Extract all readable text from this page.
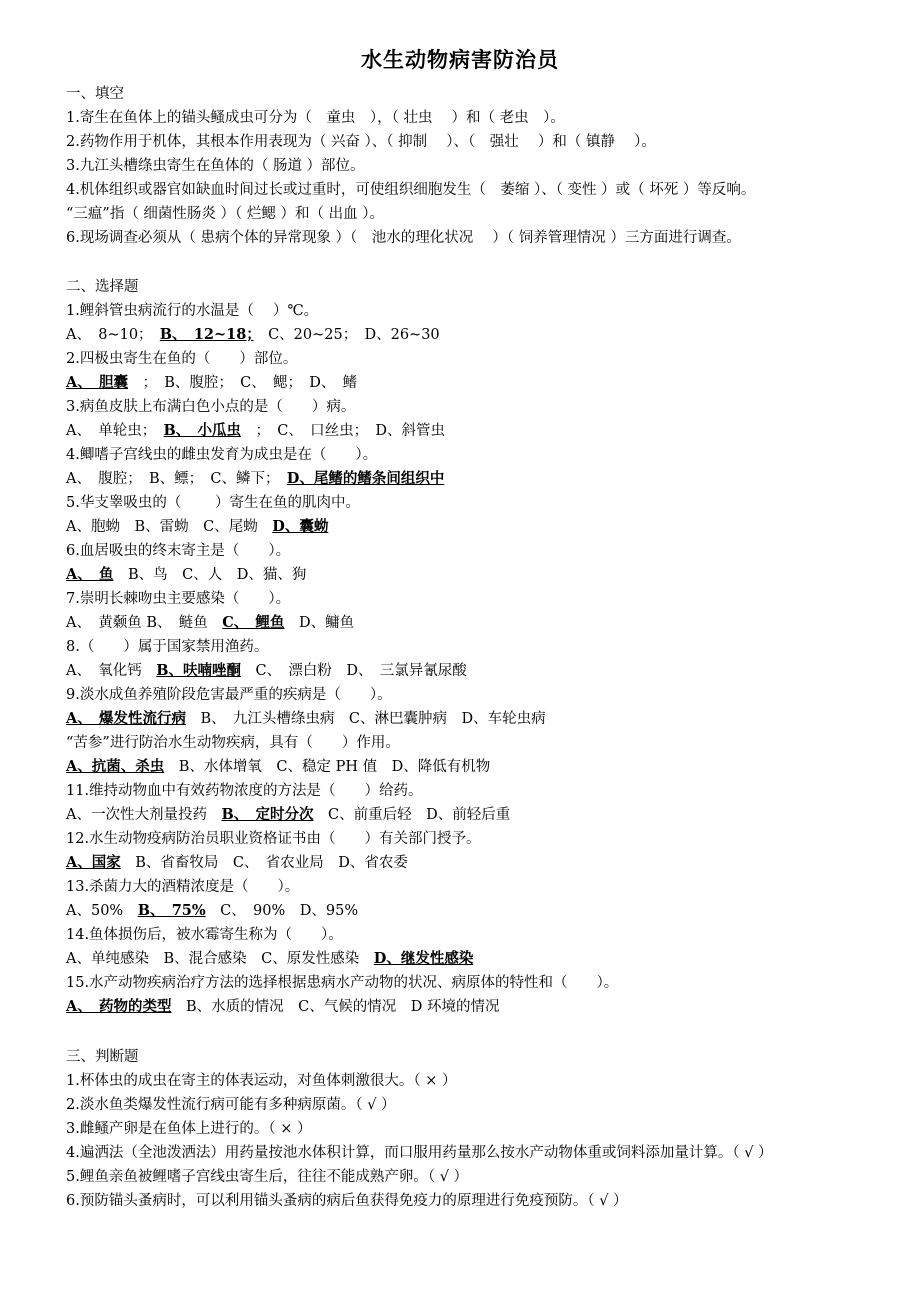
水生动物病害防治员
一、填空
1.寄生在鱼体上的锚头鳋成虫可分为（　童虫　），（ 壮虫　 ）和（ 老虫　）。
2.药物作用于机体，其根本作用表现为（ 兴奋 ）、（ 抑制　 ）、（　强壮　 ）和（ 镇静　 ）。
3.九江头槽绦虫寄生在鱼体的（ 肠道 ）部位。
4.机体组织或器官如缺血时间过长或过重时，可使组织细胞发生（　萎缩 ）、（ 变性 ）或（ 坏死 ）等反响。
“三瘟”指（ 细菌性肠炎 ）（ 烂鳃 ）和（ 出血 ）。
6.现场调查必须从（ 患病个体的异常现象 ）（　池水的理化状况　 ）（ 饲养管理情况 ）三方面进行调查。
二、选择题
1.鲤斜管虫病流行的水温是（　 ）℃。
A、　8~10；　 B、　12~18；　 C、20~25；　 D、26~30
2.四极虫寄生在鱼的（　　）部位。
A、　胆囊　 ；　B、腹腔；　 C、　鳃；　 D、　鳍
3.病鱼皮肤上布满白色小点的是（　　）病。
A、　单轮虫；　 B、　小瓜虫　 ；　C、　口丝虫；　 D、斜管虫
4.鲫嗜子宫线虫的雌虫发育为成虫是在（　　）。
A、　腹腔；　 B、鳔；　 C、鳞下；　 D、尾鳍的鳍条间组织中
5.华支睾吸虫的（　　 ）寄生在鱼的肌肉中。
A、胞蚴　 B、雷蚴　 C、尾蚴　 D、囊蚴
6.血居吸虫的终末寄主是（　　）。
A、　鱼　 B、鸟　 C、人　 D、猫、狗
7.崇明长棘吻虫主要感染（　　）。
A、　黄颡鱼 B、　 鲢鱼　 C、　鲤鱼　 D、鳙鱼
8.（　　）属于国家禁用渔药。
A、　氧化钙　 B、呋喃唑酮　 C、　漂白粉　 D、　三氯异氰尿酸
9.淡水成鱼养殖阶段危害最严重的疾病是（　　）。
A、　爆发性流行病　 B、　九江头槽绦虫病　 C、淋巴囊肿病　 D、车轮虫病
“苦参”进行防治水生动物疾病，具有（　　）作用。
A、抗菌、杀虫　 B、水体增氧　 C、稳定 PH 值　 D、降低有机物
11.维持动物血中有效药物浓度的方法是（　　）给药。
A、一次性大剂量投药　 B、　定时分次　 C、前重后轻　 D、前轻后重
12.水生动物疫病防治员职业资格证书由（　　）有关部门授予。
A、国家　 B、省畜牧局　 C、　省农业局　 D、省农委
13.杀菌力大的酒精浓度是（　　）。
A、50%　 B、　75%　 C、　90%　 D、95%
14.鱼体损伤后，被水霉寄生称为（　　）。
A、单纯感染　 B、混合感染　 C、原发性感染　 D、继发性感染
15.水产动物疾病治疗方法的选择根据患病水产动物的状况、病原体的特性和（　　）。
A、　药物的类型　 B、水质的情况　 C、气候的情况　 D 环境的情况
三、判断题
1.杯体虫的成虫在寄主的体表运动，对鱼体刺激很大。（ × ）
2.淡水鱼类爆发性流行病可能有多种病原菌。（ √ ）
3.雌鳋产卵是在鱼体上进行的。（ × ）
4.遍洒法（全池泼洒法）用药量按池水体积计算，而口服用药量那么按水产动物体重或饲料添加量计算。（ √ ）
5.鲤鱼亲鱼被鲤嗜子宫线虫寄生后，往往不能成熟产卵。（ √ ）
6.预防锚头蚤病时，可以利用锚头蚤病的病后鱼获得免疫力的原理进行免疫预防。（ √ ）
